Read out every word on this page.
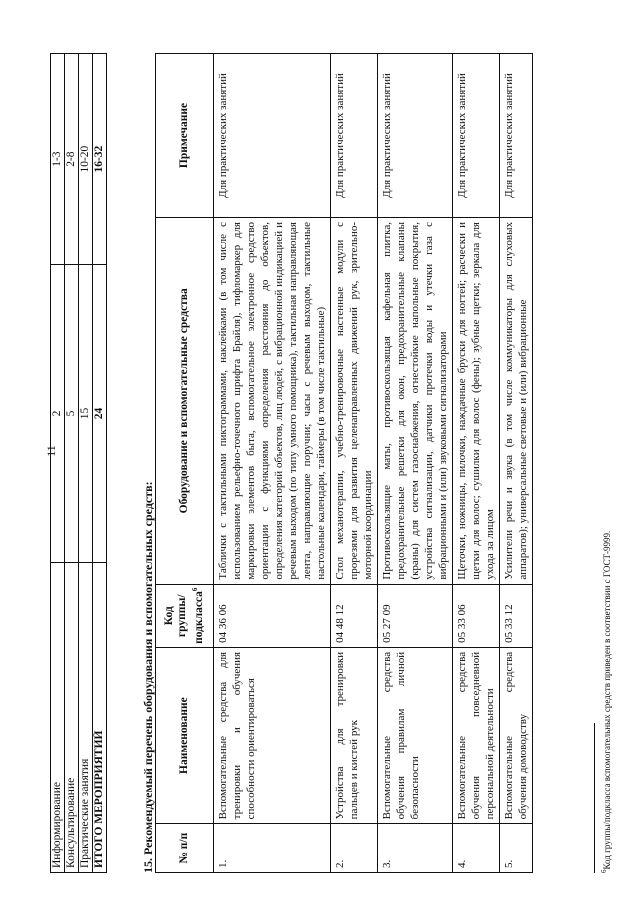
11
Информирование	2	1-3
Консультирование	5	2-8
Практические занятия	15	10-20
ИТОГО МЕРОПРИЯТИЙ	24	16-32
15. Рекомендуемый перечень оборудования и вспомогательных средств: № п/п	Наименование	Код группы/ подкласса$^6$	Оборудование и вспомогательные средства	Примечание
1.	Вспомогательные средства для тренировки и обучения способности ориентироваться	04 36 06	Таблички с тактильными пиктограммами, наклейками (в том числе с использованием рельефно-точечного шрифта Брайля), тифломаркер для маркировки элементов быта, вспомогательное электронное средство ориентации с функциями определения расстояния до объектов, определения категорий объектов, лиц людей, с вибрационной индикацией и речевым выходом (по типу умного помощника), тактильная направляющая лента, направляющие поручни; часы с речевым выходом, тактильные настольные календари, таймеры (в том числе тактильные)	Для практических занятий
2.	Устройства для тренировки пальцев и кистей рук	04 48 12	Стол механотерапии, учебно-тренировочные настенные модули с прорезями для развития целенаправленных движений рук, зрительно-моторной координации	Для практических занятий
3.	Вспомогательные средства обучения правилам личной безопасности	05 27 09	Противоскользящие маты, противоскользящая кафельная плитка, предохранительные решетки для окон, предохранительные клапаны (краны) для систем газоснабжения, огнестойкие напольные покрытия, устройства сигнализации, датчики протечки воды и утечки газа с вибрационными и (или) звуковыми сигнализаторами	Для практических занятий
4.	Вспомогательные средства обучения повседневной персональной деятельности	05 33 06	Щеточки, ножницы, пилочки, наждачные бруски для ногтей; расчески и щетки для волос; сушилки для волос (фены); зубные щетки; зеркала для ухода за лицом	Для практических занятий
5.	Вспомогательные средства обучения домоводству	05 33 12	Усилители речи и звука (в том числе коммуникаторы для слуховых аппаратов); универсальные световые и (или) вибрационные	Для практических занятий
$^6$Код группы/подкласса вспомогательных средств приведен в соответствии с ГОСТ-9999.
